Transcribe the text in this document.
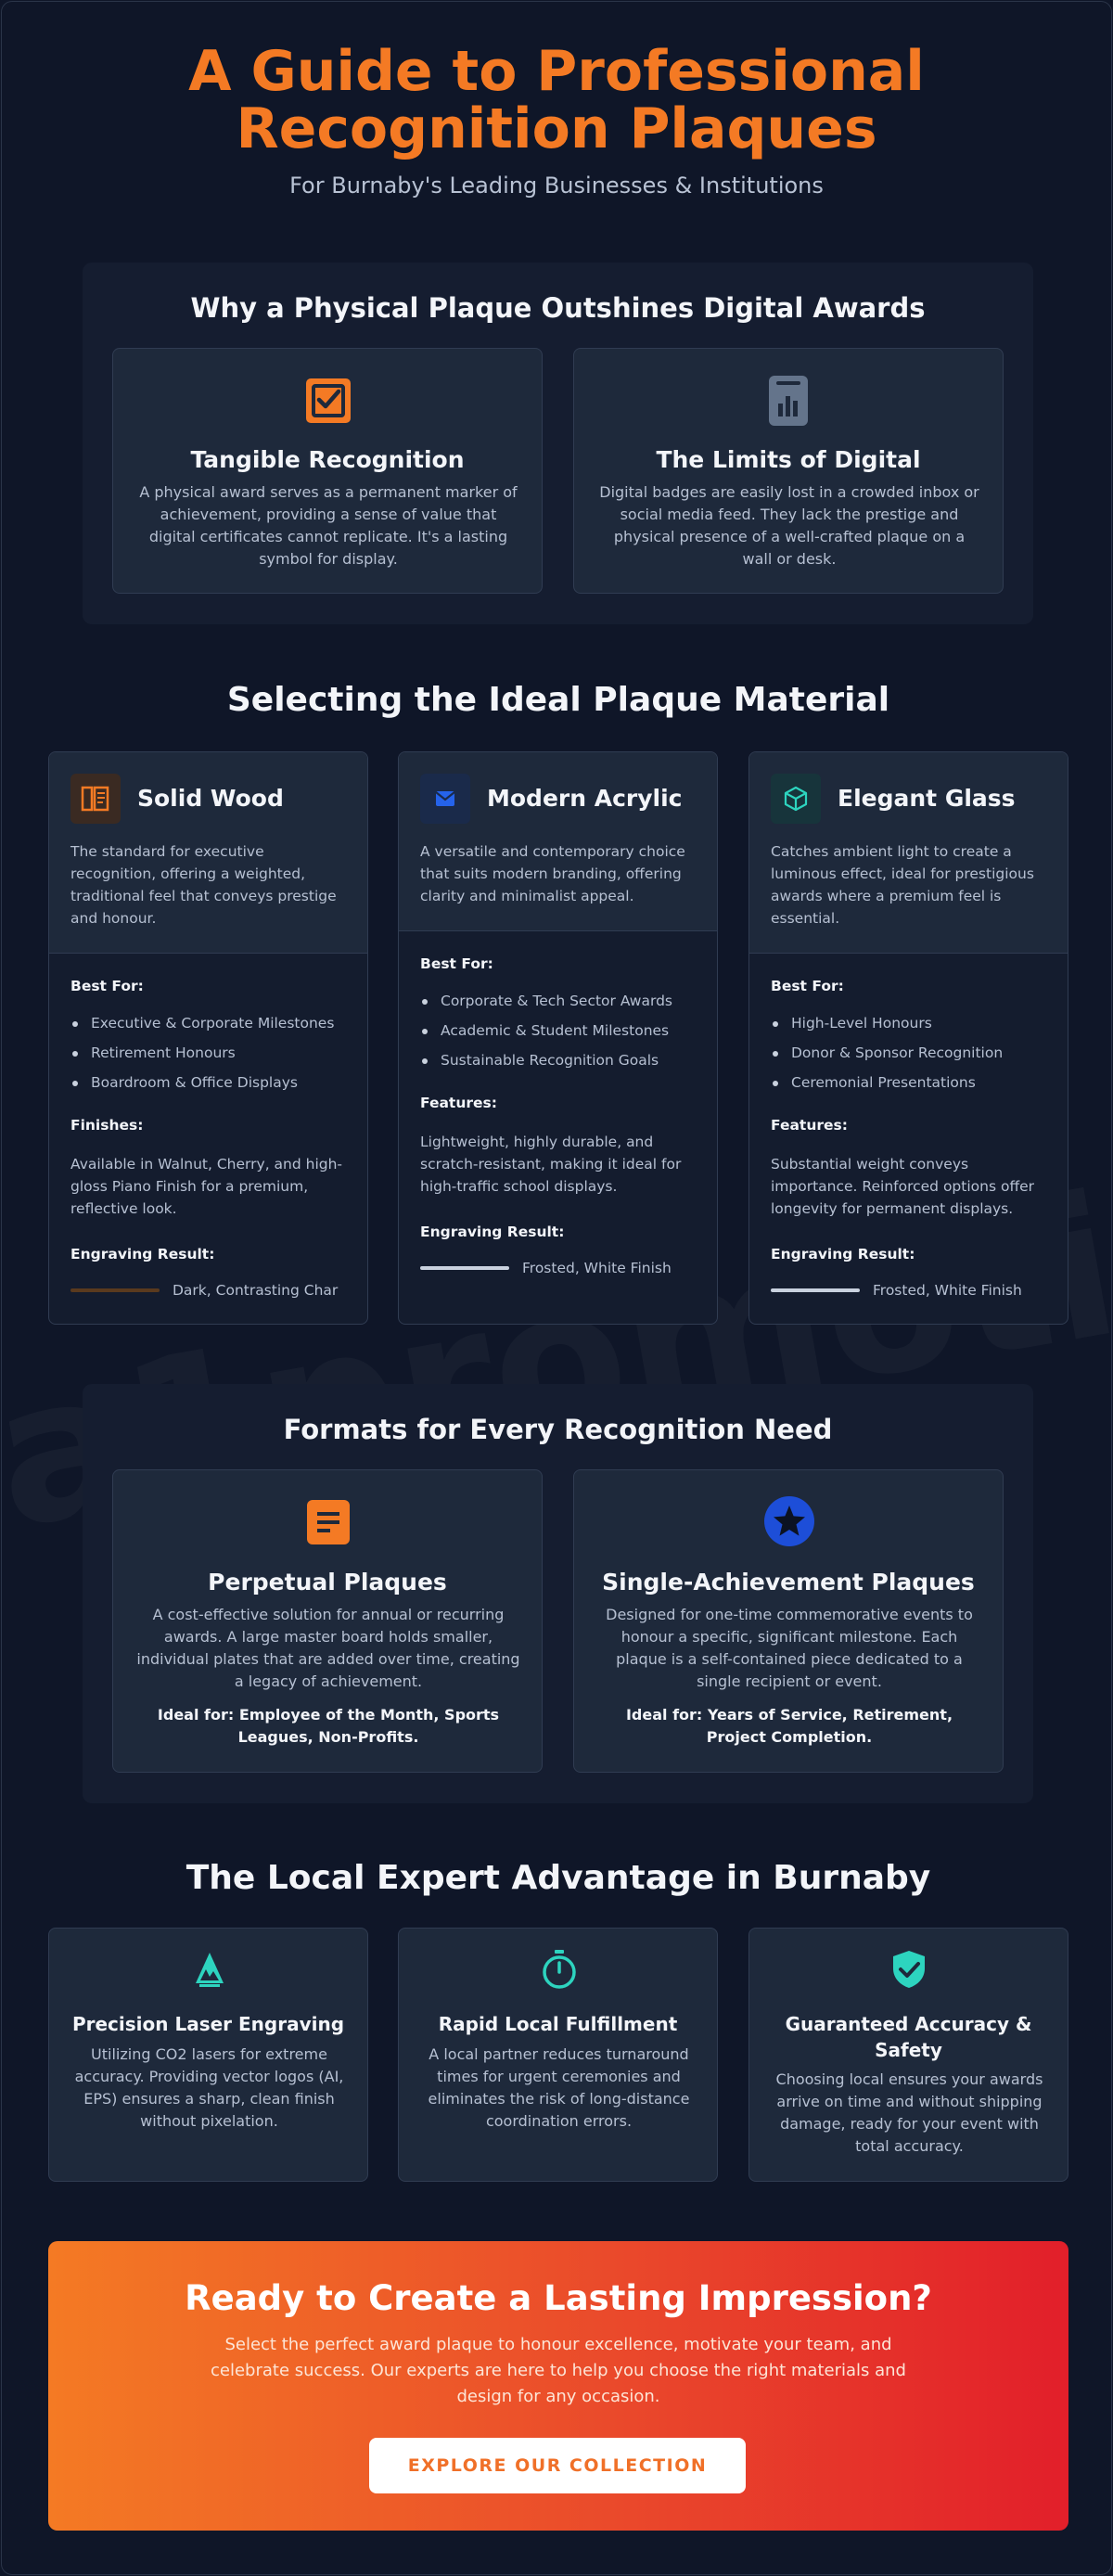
A Guide to Professional Recognition Plaques
For Burnaby's Leading Businesses & Institutions
Why a Physical Plaque Outshines Digital Awards
Tangible Recognition

A physical award serves as a permanent marker of achievement, providing a sense of value that digital certificates cannot replicate. It's a lasting symbol for display.

The Limits of Digital

Digital badges are easily lost in a crowded inbox or social media feed. They lack the prestige and physical presence of a well-crafted plaque on a wall or desk.

Selecting the Ideal Plaque Material
Solid Wood
The standard for executive recognition, offering a weighted, traditional feel that conveys prestige and honour.
Best For:
Executive & Corporate Milestones
Retirement Honours
Boardroom & Office Displays
Finishes:
Available in Walnut, Cherry, and high-gloss Piano Finish for a premium, reflective look.
Engraving Result:
Dark, Contrasting Char
Modern Acrylic
A versatile and contemporary choice that suits modern branding, offering clarity and minimalist appeal.
Best For:
Corporate & Tech Sector Awards
Academic & Student Milestones
Sustainable Recognition Goals
Features:
Lightweight, highly durable, and scratch-resistant, making it ideal for high-traffic school displays.
Engraving Result:
Frosted, White Finish
Elegant Glass
Catches ambient light to create a luminous effect, ideal for prestigious awards where a premium feel is essential.
Best For:
High-Level Honours
Donor & Sponsor Recognition
Ceremonial Presentations
Features:
Substantial weight conveys importance. Reinforced options offer longevity for permanent displays.
Engraving Result:
Frosted, White Finish
Formats for Every Recognition Need
Perpetual Plaques

A cost-effective solution for annual or recurring awards. A large master board holds smaller, individual plates that are added over time, creating a legacy of achievement.

Ideal for: Employee of the Month, Sports Leagues, Non-Profits.
Single-Achievement Plaques

Designed for one-time commemorative events to honour a specific, significant milestone. Each plaque is a self-contained piece dedicated to a single recipient or event.

Ideal for: Years of Service, Retirement, Project Completion.
The Local Expert Advantage in Burnaby
Precision Laser Engraving

Utilizing CO2 lasers for extreme accuracy. Providing vector logos (AI, EPS) ensures a sharp, clean finish without pixelation.

Rapid Local Fulfillment

A local partner reduces turnaround times for urgent ceremonies and eliminates the risk of long-distance coordination errors.

Guaranteed Accuracy & Safety

Choosing local ensures your awards arrive on time and without shipping damage, ready for your event with total accuracy.

Ready to Create a Lasting Impression?

Select the perfect award plaque to honour excellence, motivate your team, and celebrate success. Our experts are here to help you choose the right materials and design for any occasion.

EXPLORE OUR COLLECTION
